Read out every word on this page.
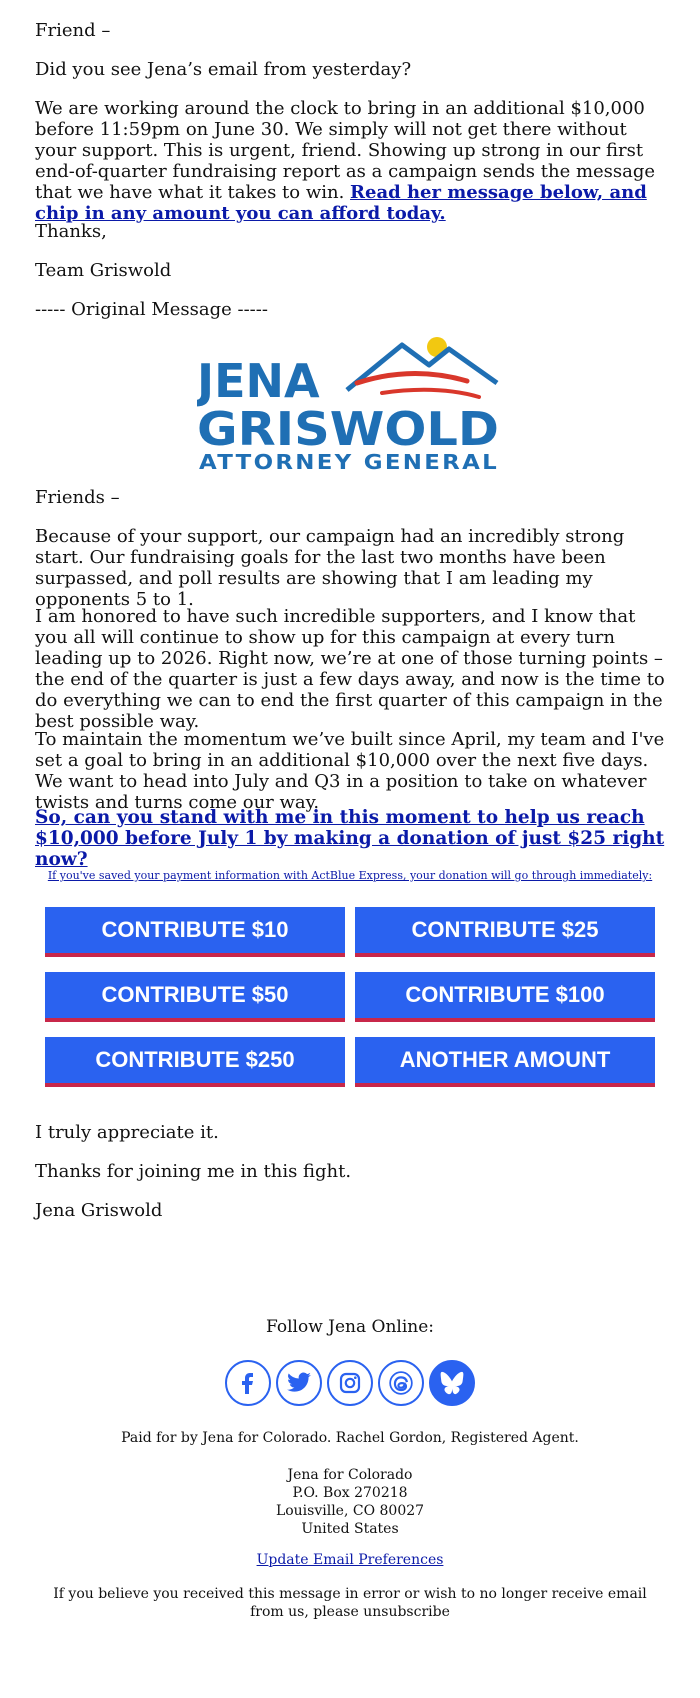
Friend –

Did you see Jena’s email from yesterday?

We are working around the clock to bring in an additional $10,000 before 11:59pm on June 30. We simply will not get there without your support. This is urgent, friend. Showing up strong in our first end-of-quarter fundraising report as a campaign sends the message that we have what it takes to win. Read her message below, and chip in any amount you can afford today.

Thanks,

Team Griswold

----- Original Message -----

JENA
GRISWOLD
ATTORNEY GENERAL

Friends –

Because of your support, our campaign had an incredibly strong start. Our fundraising goals for the last two months have been surpassed, and poll results are showing that I am leading my opponents 5 to 1.

I am honored to have such incredible supporters, and I know that you all will continue to show up for this campaign at every turn leading up to 2026. Right now, we’re at one of those turning points – the end of the quarter is just a few days away, and now is the time to do everything we can to end the first quarter of this campaign in the best possible way.

To maintain the momentum we’ve built since April, my team and I've set a goal to bring in an additional $10,000 over the next five days. We want to head into July and Q3 in a position to take on whatever twists and turns come our way.

So, can you stand with me in this moment to help us reach $10,000 before July 1 by making a donation of just $25 right now?

If you've saved your payment information with ActBlue Express, your donation will go through immediately:

CONTRIBUTE $10	CONTRIBUTE $25
CONTRIBUTE $50	CONTRIBUTE $100
CONTRIBUTE $250	ANOTHER AMOUNT

I truly appreciate it.

Thanks for joining me in this fight.

Jena Griswold

Follow Jena Online:
Paid for by Jena for Colorado. Rachel Gordon, Registered Agent.
Jena for Colorado
P.O. Box 270218
Louisville, CO 80027
United States
Update Email Preferences
If you believe you received this message in error or wish to no longer receive email from us, please unsubscribe
